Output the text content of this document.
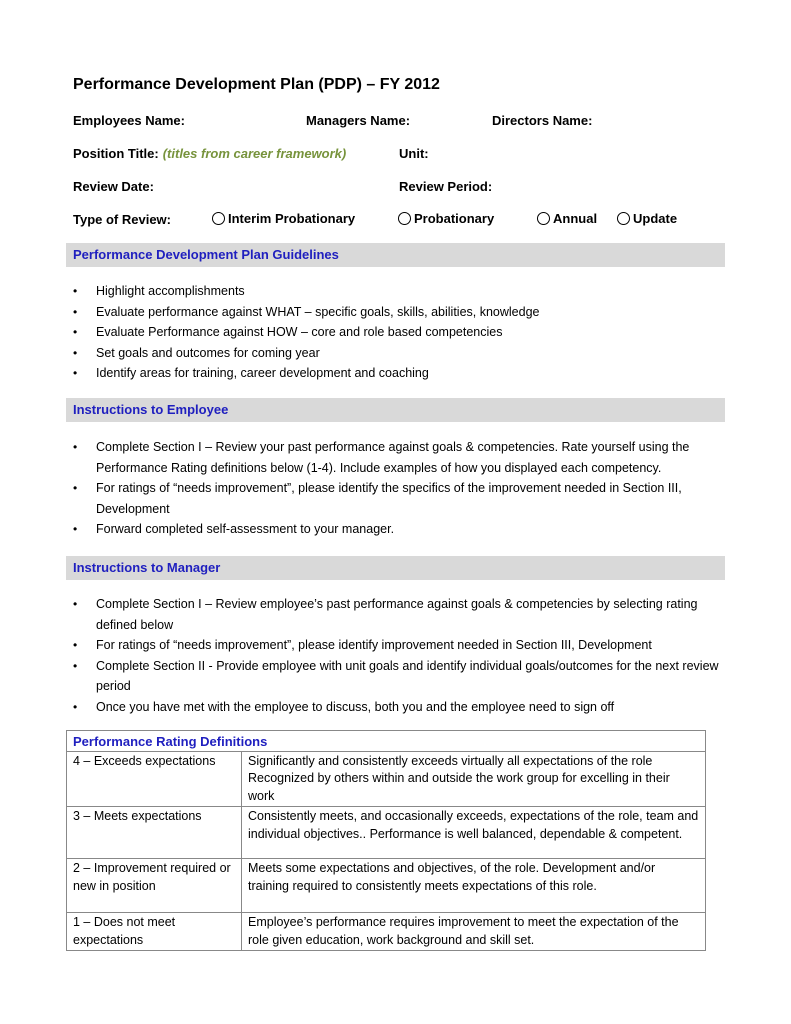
Performance Development Plan (PDP) – FY 2012
Employees Name:	Managers Name:	Directors Name:
Position Title: (titles from career framework)	Unit:
Review Date:	Review Period:
Type of Review:	Interim Probationary	Probationary	Annual	Update
Performance Development Plan Guidelines
• Highlight accomplishments
• Evaluate performance against WHAT – specific goals, skills, abilities, knowledge
• Evaluate Performance against HOW – core and role based competencies
• Set goals and outcomes for coming year
• Identify areas for training, career development and coaching
Instructions to Employee
• Complete Section I – Review your past performance against goals & competencies. Rate yourself using the Performance Rating definitions below (1-4). Include examples of how you displayed each competency.
• For ratings of “needs improvement”, please identify the specifics of the improvement needed in Section III, Development
• Forward completed self-assessment to your manager.
Instructions to Manager
• Complete Section I – Review employee’s past performance against goals & competencies by selecting rating defined below
• For ratings of “needs improvement”, please identify improvement needed in Section III, Development
• Complete Section II - Provide employee with unit goals and identify individual goals/outcomes for the next review period
• Once you have met with the employee to discuss, both you and the employee need to sign off
Performance Rating Definitions	
4 – Exceeds expectations	Significantly and consistently exceeds virtually all expectations of the role Recognized by others within and outside the work group for excelling in their work
3 – Meets expectations	Consistently meets, and occasionally exceeds, expectations of the role, team and individual objectives.. Performance is well balanced, dependable & competent.
2 – Improvement required or new in position	Meets some expectations and objectives, of the role. Development and/or training required to consistently meets expectations of this role.
1 – Does not meet expectations	Employee’s performance requires improvement to meet the expectation of the role given education, work background and skill set.
